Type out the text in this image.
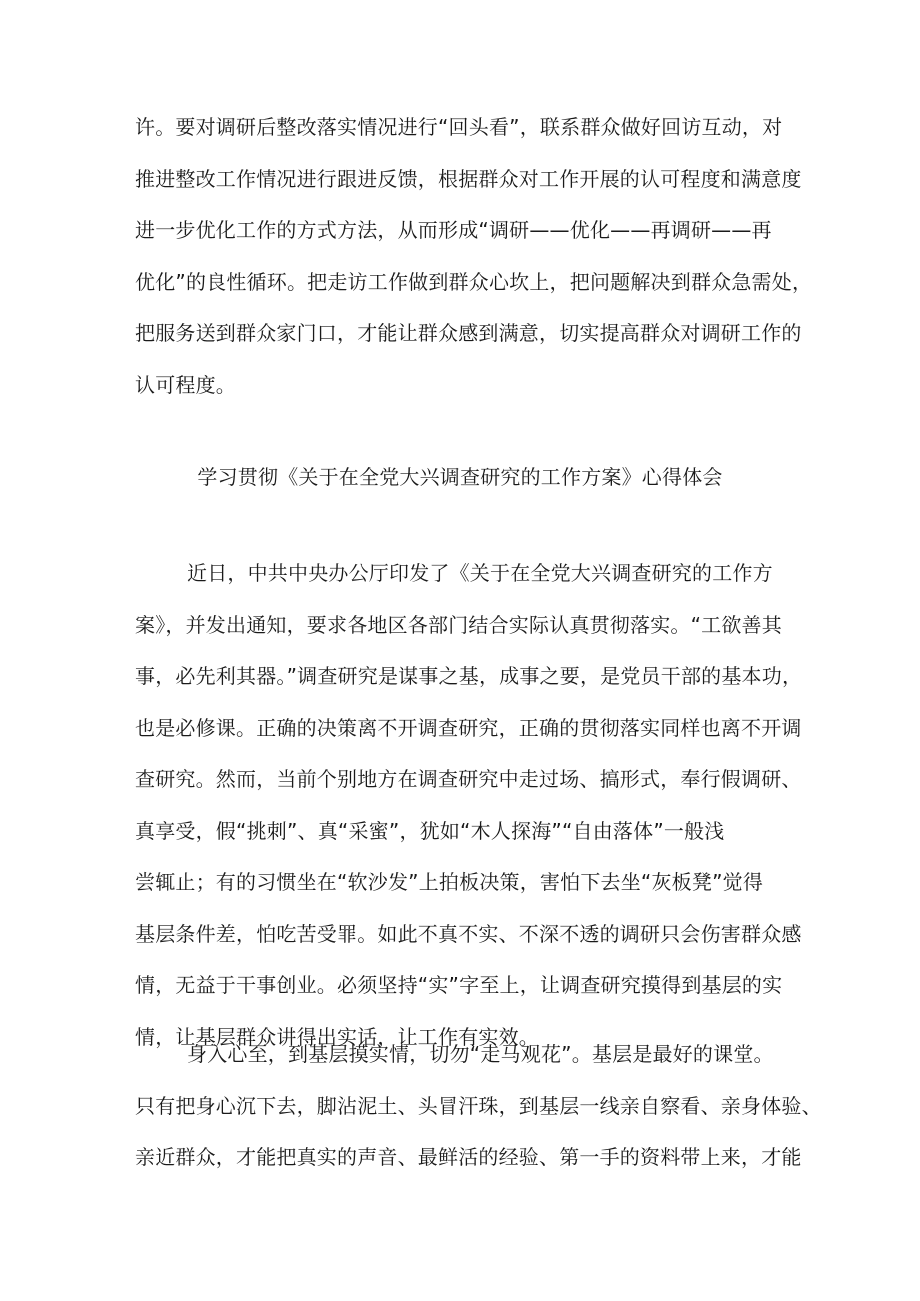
许。要对调研后整改落实情况进行“回头看”，联系群众做好回访互动，对
推进整改工作情况进行跟进反馈，根据群众对工作开展的认可程度和满意度
进一步优化工作的方式方法，从而形成“调研——优化——再调研——再
优化”的良性循环。把走访工作做到群众心坎上，把问题解决到群众急需处，
把服务送到群众家门口，才能让群众感到满意，切实提高群众对调研工作的
认可程度。

学习贯彻《关于在全党大兴调查研究的工作方案》心得体会

近日，中共中央办公厅印发了《关于在全党大兴调查研究的工作方
案》，并发出通知，要求各地区各部门结合实际认真贯彻落实。“工欲善其
事，必先利其器。”调查研究是谋事之基，成事之要，是党员干部的基本功，
也是必修课。正确的决策离不开调查研究，正确的贯彻落实同样也离不开调
查研究。然而，当前个别地方在调查研究中走过场、搞形式，奉行假调研、
真享受，假“挑刺”、真“采蜜”，犹如“木人探海”“自由落体”一般浅
尝辄止；有的习惯坐在“软沙发”上拍板决策，害怕下去坐“灰板凳”觉得
基层条件差，怕吃苦受罪。如此不真不实、不深不透的调研只会伤害群众感
情，无益于干事创业。必须坚持“实”字至上，让调查研究摸得到基层的实
情，让基层群众讲得出实话，让工作有实效。

身入心至，到基层摸实情，切勿“走马观花”。基层是最好的课堂。
只有把身心沉下去，脚沾泥土、头冒汗珠，到基层一线亲自察看、亲身体验、
亲近群众，才能把真实的声音、最鲜活的经验、第一手的资料带上来，才能
